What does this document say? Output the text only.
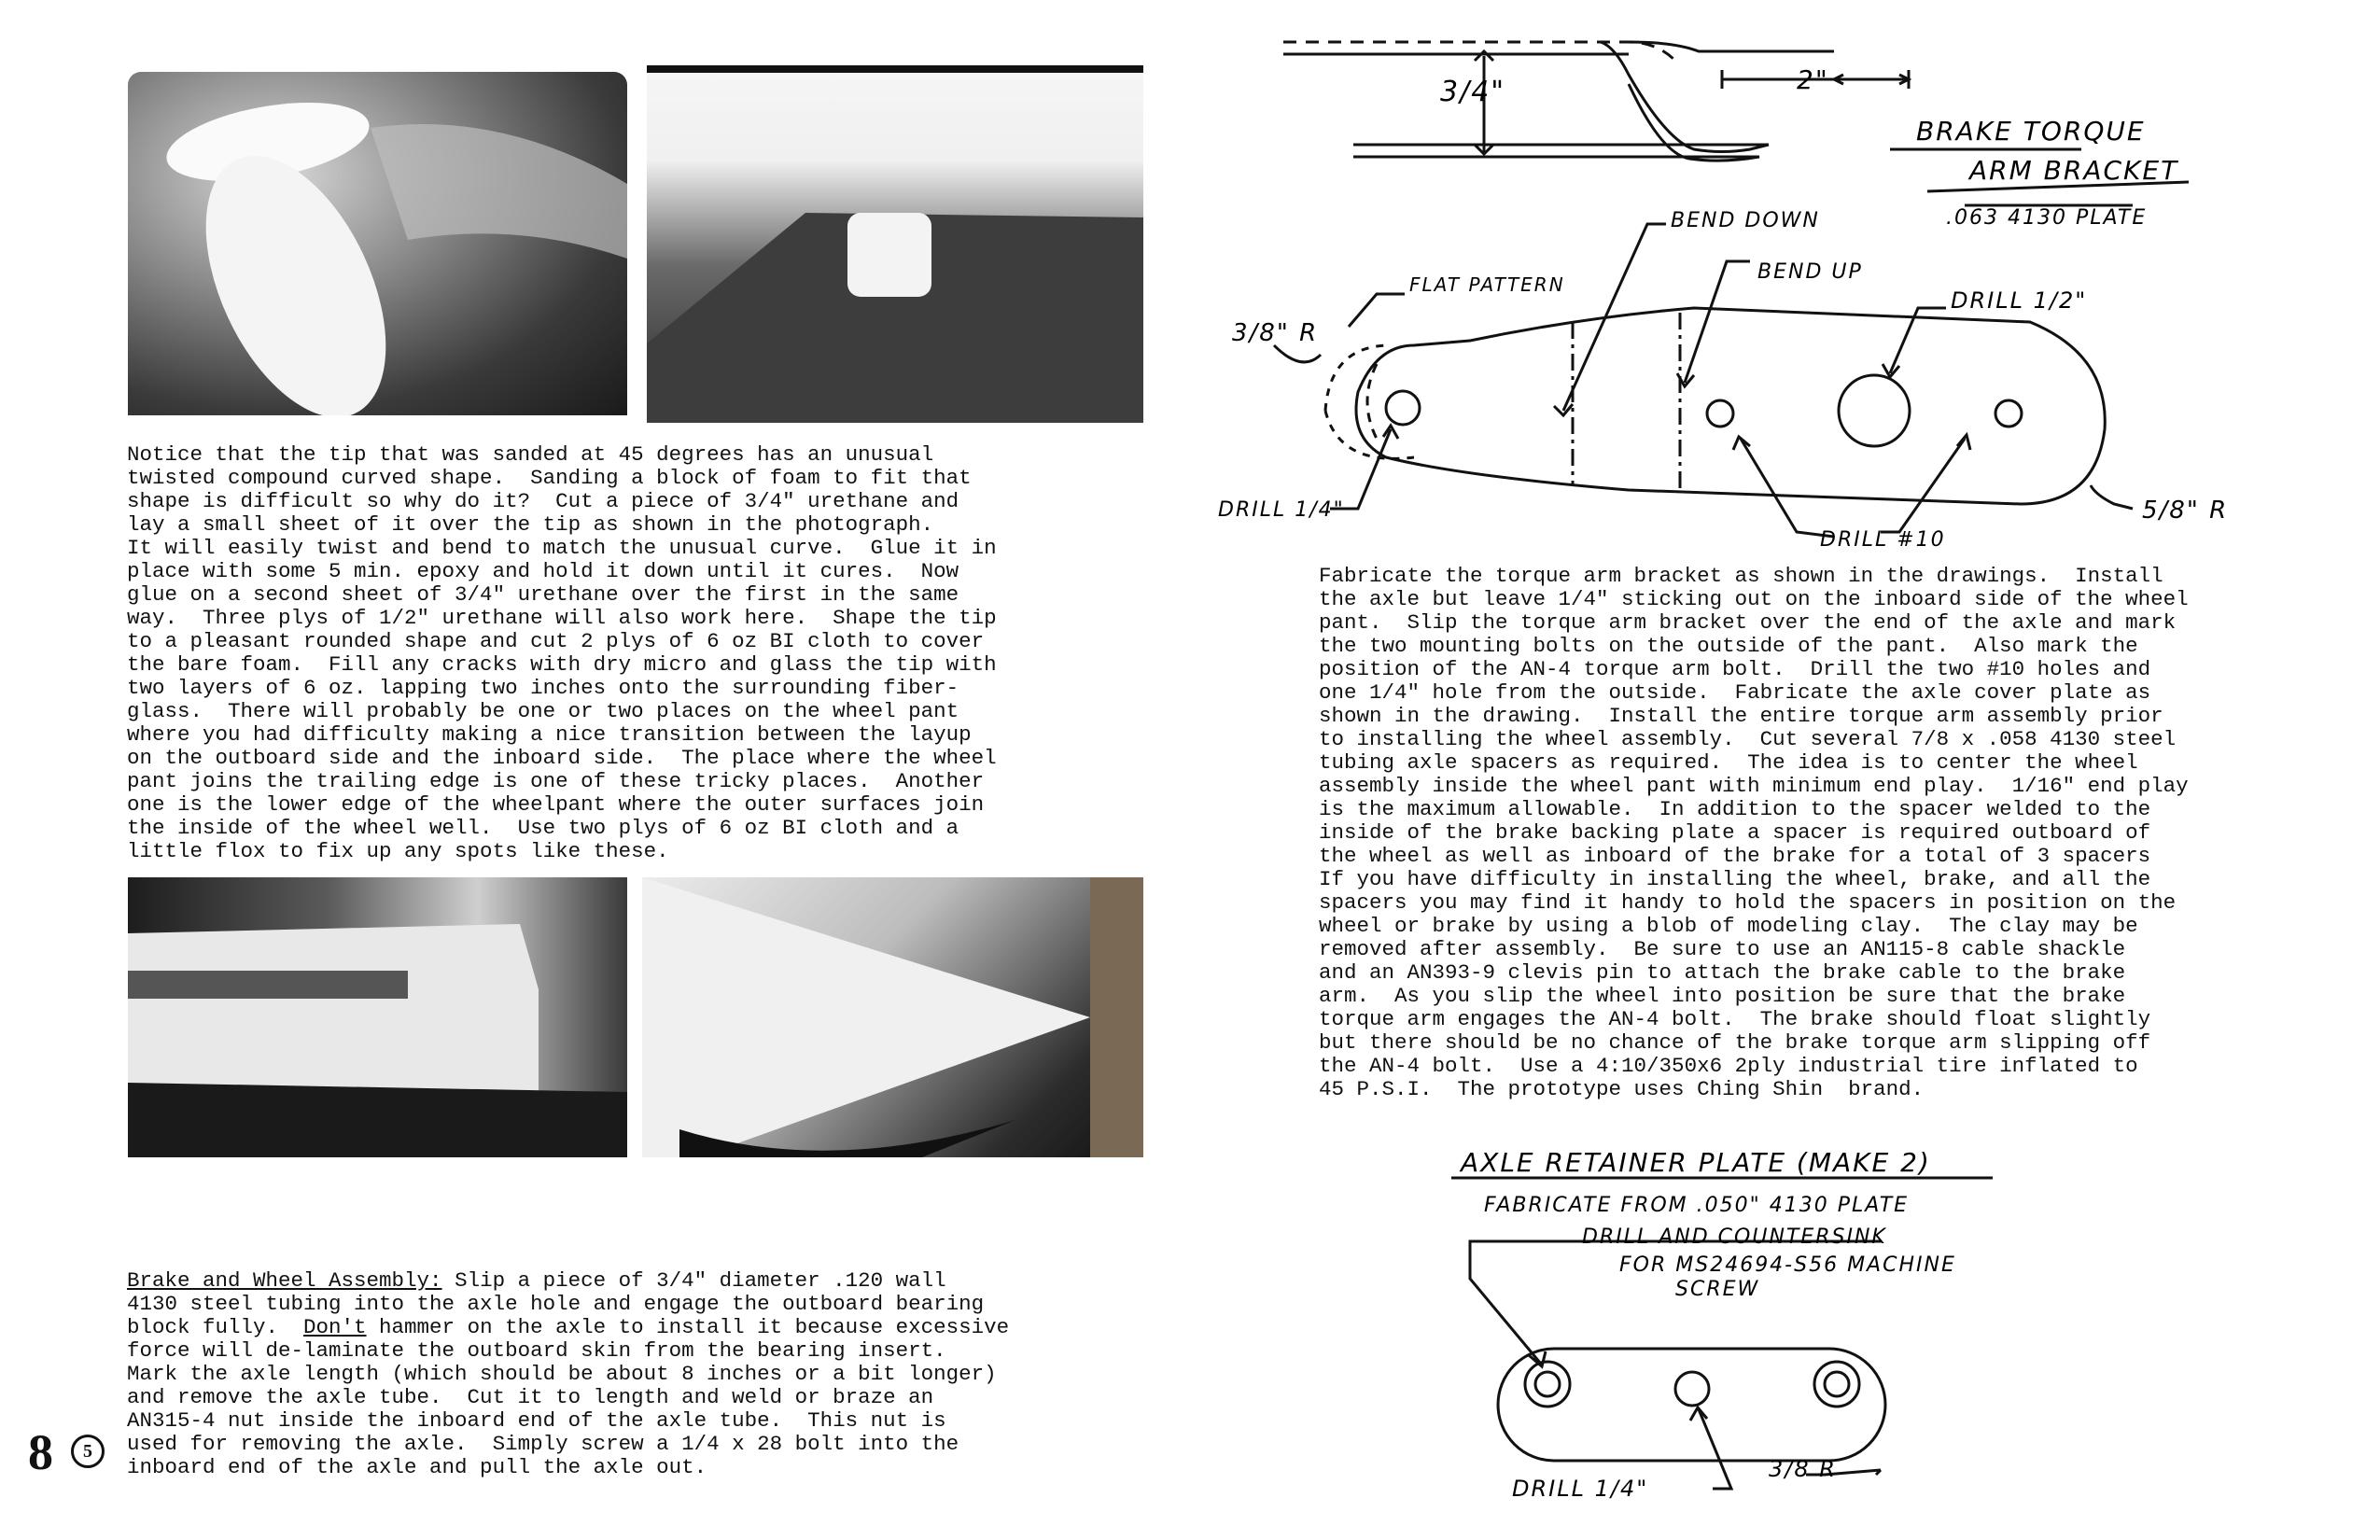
Notice that the tip that was sanded at 45 degrees has an unusual
twisted compound curved shape.  Sanding a block of foam to fit that
shape is difficult so why do it?  Cut a piece of 3/4" urethane and
lay a small sheet of it over the tip as shown in the photograph.
It will easily twist and bend to match the unusual curve.  Glue it in
place with some 5 min. epoxy and hold it down until it cures.  Now
glue on a second sheet of 3/4" urethane over the first in the same
way.  Three plys of 1/2" urethane will also work here.  Shape the tip
to a pleasant rounded shape and cut 2 plys of 6 oz BI cloth to cover
the bare foam.  Fill any cracks with dry micro and glass the tip with
two layers of 6 oz. lapping two inches onto the surrounding fiber-
glass.  There will probably be one or two places on the wheel pant
where you had difficulty making a nice transition between the layup
on the outboard side and the inboard side.  The place where the wheel
pant joins the trailing edge is one of these tricky places.  Another
one is the lower edge of the wheelpant where the outer surfaces join
the inside of the wheel well.  Use two plys of 6 oz BI cloth and a
little flox to fix up any spots like these.
Brake and Wheel Assembly: Slip a piece of 3/4" diameter .120 wall
4130 steel tubing into the axle hole and engage the outboard bearing
block fully.  Don't hammer on the axle to install it because excessive
force will de-laminate the outboard skin from the bearing insert.
Mark the axle length (which should be about 8 inches or a bit longer)
and remove the axle tube.  Cut it to length and weld or braze an
AN315-4 nut inside the inboard end of the axle tube.  This nut is
used for removing the axle.  Simply screw a 1/4 x 28 bolt into the
inboard end of the axle and pull the axle out.
8 5
3/4"	2"
BRAKE TORQUE
ARM BRACKET
.063 4130 PLATE
BEND DOWN
BEND UP
FLAT PATTERN
3/8" R
DRILL 1/2"
DRILL 1/4"
DRILL #10
5/8" R
Fabricate the torque arm bracket as shown in the drawings.  Install
the axle but leave 1/4" sticking out on the inboard side of the wheel
pant.  Slip the torque arm bracket over the end of the axle and mark
the two mounting bolts on the outside of the pant.  Also mark the
position of the AN-4 torque arm bolt.  Drill the two #10 holes and
one 1/4" hole from the outside.  Fabricate the axle cover plate as
shown in the drawing.  Install the entire torque arm assembly prior
to installing the wheel assembly.  Cut several 7/8 x .058 4130 steel
tubing axle spacers as required.  The idea is to center the wheel
assembly inside the wheel pant with minimum end play.  1/16" end play
is the maximum allowable.  In addition to the spacer welded to the
inside of the brake backing plate a spacer is required outboard of
the wheel as well as inboard of the brake for a total of 3 spacers
If you have difficulty in installing the wheel, brake, and all the
spacers you may find it handy to hold the spacers in position on the
wheel or brake by using a blob of modeling clay.  The clay may be
removed after assembly.  Be sure to use an AN115-8 cable shackle
and an AN393-9 clevis pin to attach the brake cable to the brake
arm.  As you slip the wheel into position be sure that the brake
torque arm engages the AN-4 bolt.  The brake should float slightly
but there should be no chance of the brake torque arm slipping off
the AN-4 bolt.  Use a 4:10/350x6 2ply industrial tire inflated to
45 P.S.I.  The prototype uses Ching Shin  brand.
AXLE RETAINER PLATE (MAKE 2)
FABRICATE FROM .050" 4130 PLATE
DRILL AND COUNTERSINK
FOR MS24694-S56 MACHINE
SCREW
DRILL 1/4"
3/8 R
